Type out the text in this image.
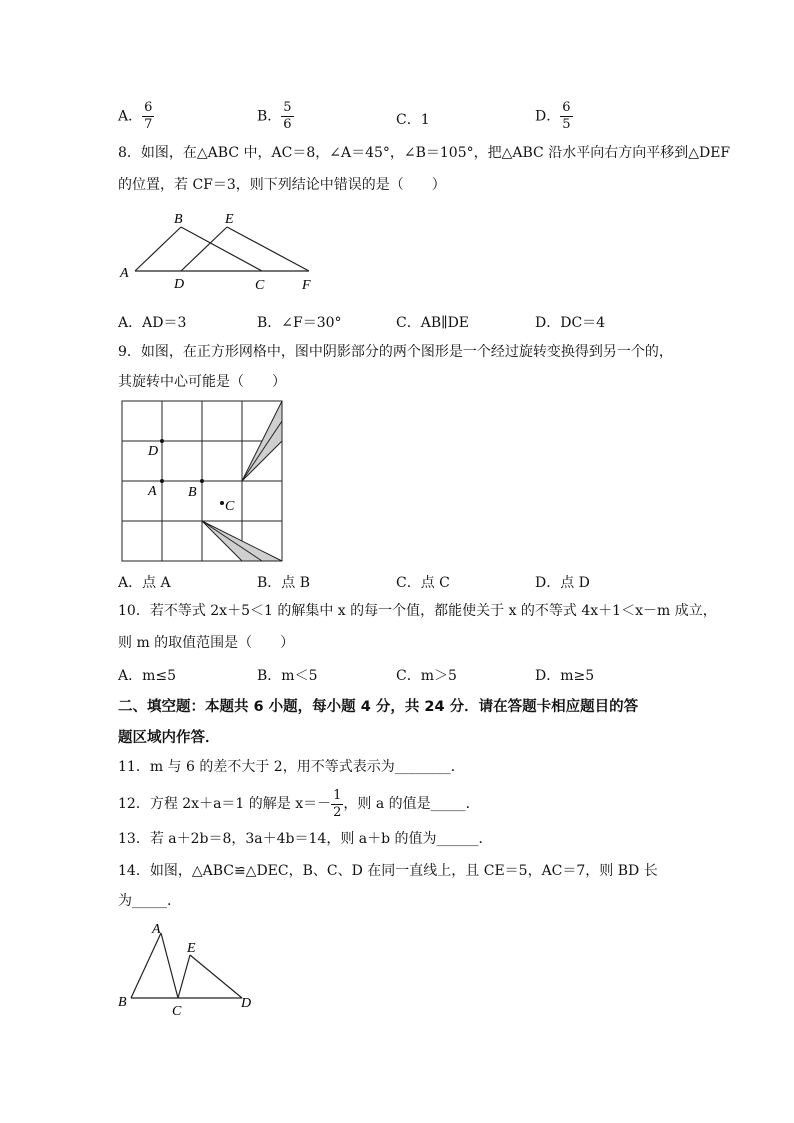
A． $\frac{6}{7}$	B． $\frac{5}{6}$	C．1	D． $\frac{6}{5}$
8．如图，在△ABC 中，AC＝8，∠A＝45°，∠B＝105°，把△ABC 沿水平向右方向平移到△DEF
的位置，若 CF＝3，则下列结论中错误的是（　　）
A
B	E
D	C	F
A．AD＝3	B．∠F＝30°	C．AB∥DE	D．DC＝4
9．如图，在正方形网格中，图中阴影部分的两个图形是一个经过旋转变换得到另一个的，
其旋转中心可能是（　　）
D
A B
C
A．点 A	B．点 B	C．点 C	D．点 D
10．若不等式 2x＋5＜1 的解集中 x 的每一个值，都能使关于 x 的不等式 4x＋1＜x－m 成立，
则 m 的取值范围是（　　）
A．m≤5	B．m＜5	C．m＞5	D．m≥5
二、填空题：本题共 6 小题，每小题 4 分，共 24 分．请在答题卡相应题目的答
题区域内作答．
11．m 与 6 的差不大于 2，用不等式表示为________．
12．方程 2x＋a＝1 的解是 $x=- \frac{1}{2}$ ，则 a 的值是_____．
13．若 a＋2b＝8，3a＋4b＝14，则 a＋b 的值为______．
14．如图，△ABC≌△DEC，B、C、D 在同一直线上，且 CE＝5，AC＝7，则 BD 长
为_____．
A
E
B
C
D
